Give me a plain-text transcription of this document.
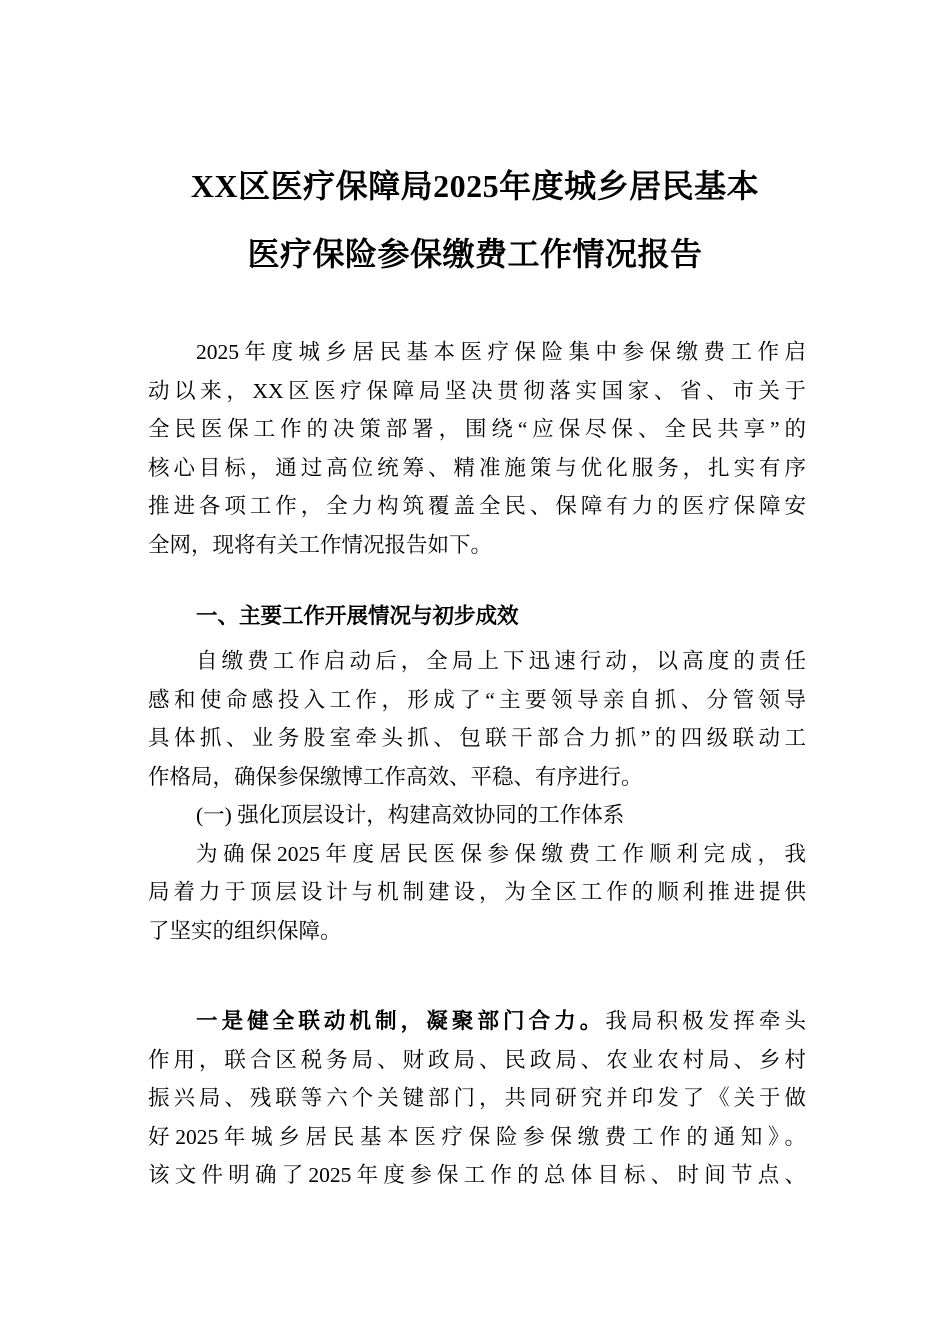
XX区医疗保障局2025年度城乡居民基本
医疗保险参保缴费工作情况报告
2025年度城乡居民基本医疗保险集中参保缴费工作启
动以来，XX区医疗保障局坚决贯彻落实国家、省、市关于
全民医保工作的决策部署，围绕“应保尽保、全民共享”的
核心目标，通过高位统筹、精准施策与优化服务，扎实有序
推进各项工作，全力构筑覆盖全民、保障有力的医疗保障安
全网，现将有关工作情况报告如下。
一、主要工作开展情况与初步成效
自缴费工作启动后，全局上下迅速行动，以高度的责任
感和使命感投入工作，形成了“主要领导亲自抓、分管领导
具体抓、业务股室牵头抓、包联干部合力抓”的四级联动工
作格局，确保参保缴博工作高效、平稳、有序进行。
(一) 强化顶层设计，构建高效协同的工作体系
为确保2025年度居民医保参保缴费工作顺利完成，我
局着力于顶层设计与机制建设，为全区工作的顺利推进提供
了坚实的组织保障。
一是健全联动机制，凝聚部门合力。我局积极发挥牵头
作用，联合区税务局、财政局、民政局、农业农村局、乡村
振兴局、残联等六个关键部门，共同研究并印发了《关于做
好2025年城乡居民基本医疗保险参保缴费工作的通知》。
该文件明确了2025年度参保工作的总体目标、时间节点、
